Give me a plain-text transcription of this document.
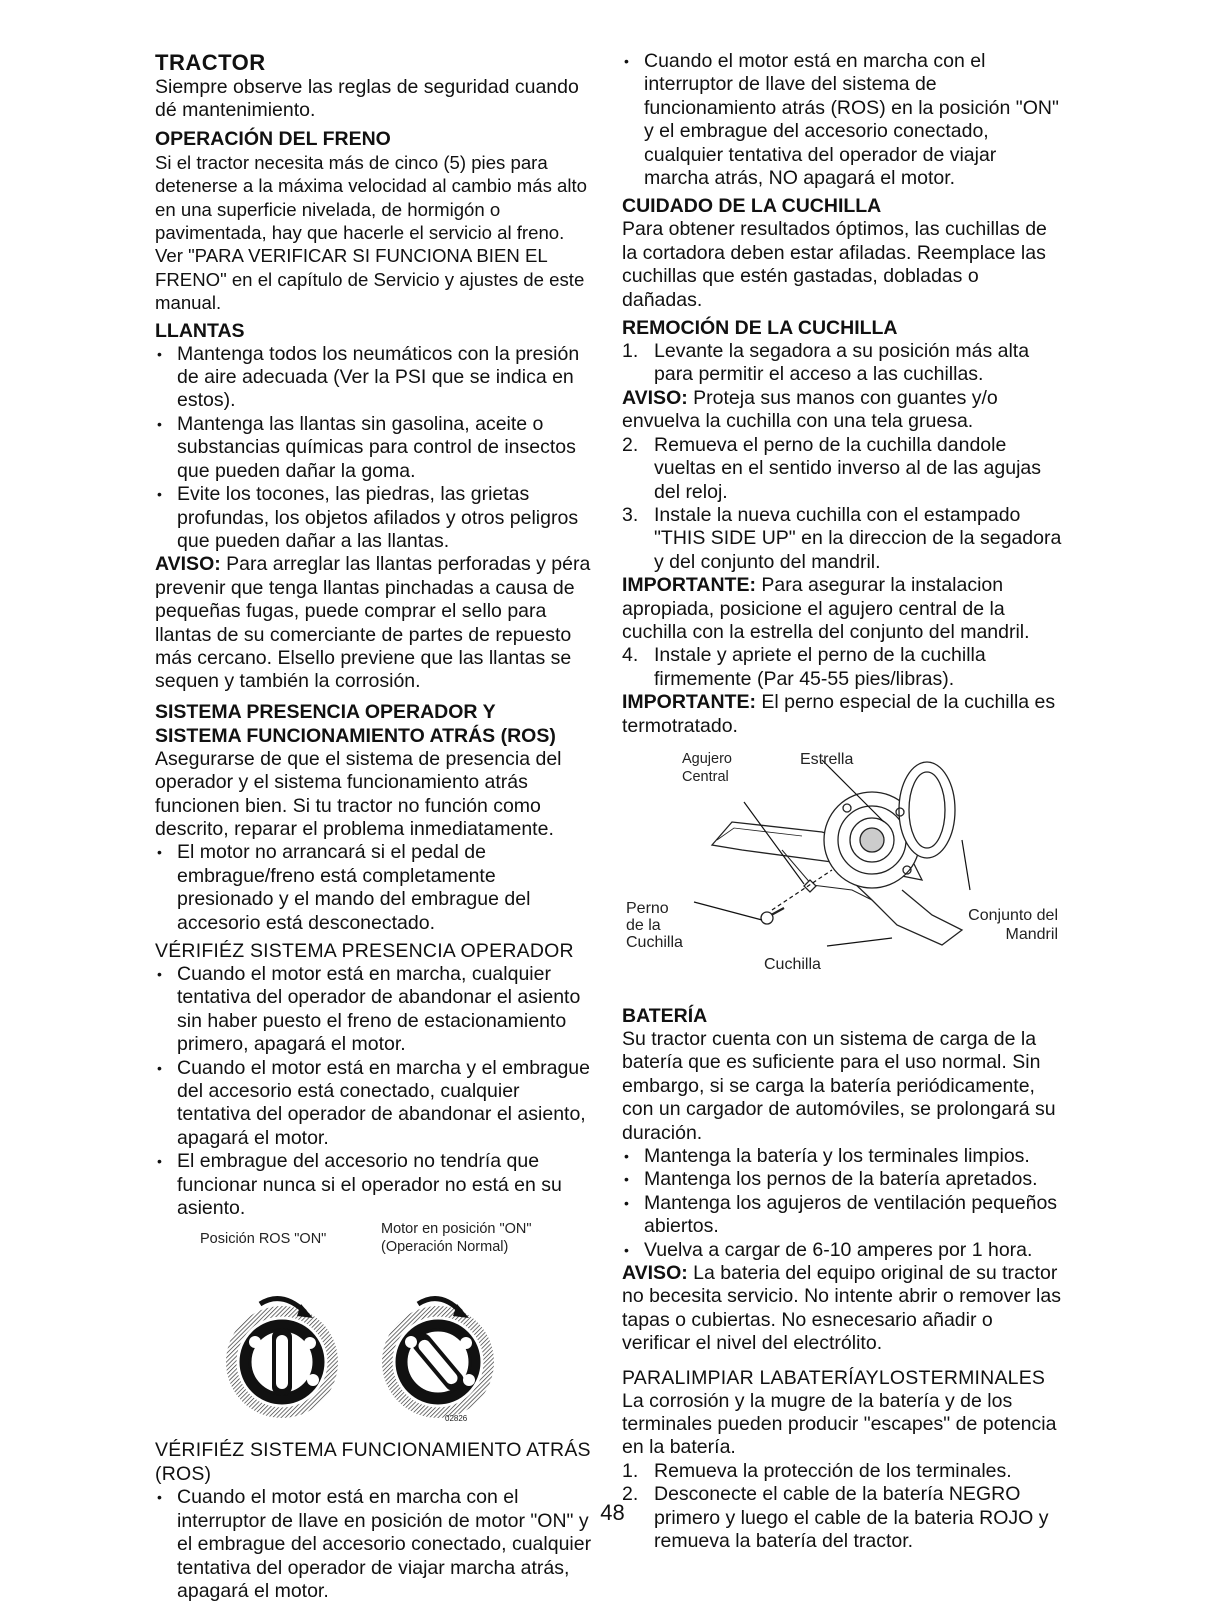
TRACTOR

Siempre observe las reglas de seguridad cuando dé mantenimiento.

OPERACIÓN DEL FRENO

Si el tractor necesita más de cinco (5) pies para detenerse a la máxima velocidad al cambio más alto en una superficie nivelada, de hormigón o pavimentada, hay que hacerle el servicio al freno. Ver "PARA VERIFICAR SI FUNCIONA BIEN EL FRENO" en el capítulo de Servicio y ajustes de este manual.

LLANTAS
• Mantenga todos los neumáticos con la presión de aire adecuada (Ver la PSI que se indica en estos).
• Mantenga las llantas sin gasolina, aceite o substancias químicas para control de insectos que pueden dañar la goma.
• Evite los tocones, las piedras, las grietas profundas, los objetos afilados y otros peligros que pueden dañar a las llantas.

AVISO: Para arreglar las llantas perforadas y péra prevenir que tenga llantas pinchadas a causa de pequeñas fugas, puede comprar el sello para llantas de su comerciante de partes de repuesto más cercano. Elsello previene que las llantas se sequen y también la corrosión.

SISTEMA PRESENCIA OPERADOR Y
SISTEMA FUNCIONAMIENTO ATRÁS (ROS)

Asegurarse de que el sistema de presencia del operador y el sistema funcionamiento atrás funcionen bien. Si tu tractor no función como descrito, reparar el problema inmediatamente.

• El motor no arrancará si el pedal de embrague/freno está completamente presionado y el mando del embrague del accesorio está desconectado.
VÉRIFIÉZ SISTEMA PRESENCIA OPERADOR
• Cuando el motor está en marcha, cualquier tentativa del operador de abandonar el asiento sin haber puesto el freno de estacionamiento primero, apagará el motor.
• Cuando el motor está en marcha y el embrague del accesorio está conectado, cualquier tentativa del operador de abandonar el asiento, apagará el motor.
• El embrague del accesorio no tendría que funcionar nunca si el operador no está en su asiento.
Posición ROS "ON"
Motor en posición "ON"
(Operación Normal)
02826
VÉRIFIÉZ SISTEMA FUNCIONAMIENTO ATRÁS (ROS)
• Cuando el motor está en marcha con el interruptor de llave en posición de motor "ON" y el embrague del accesorio conectado, cualquier tentativa del operador de viajar marcha atrás, apagará el motor.
• Cuando el motor está en marcha con el interruptor de llave del sistema de funcionamiento atrás (ROS) en la posición "ON" y el embrague del accesorio conectado, cualquier tentativa del operador de viajar marcha atrás, NO apagará el motor.
CUIDADO DE LA CUCHILLA

Para obtener resultados óptimos, las cuchillas de la cortadora deben estar afiladas. Reemplace las cuchillas que estén gastadas, dobladas o dañadas.

REMOCIÓN DE LA CUCHILLA
1. Levante la segadora a su posición más alta para permitir el acceso a las cuchillas.

AVISO: Proteja sus manos con guantes y/o envuelva la cuchilla con una tela gruesa.

2. Remueva el perno de la cuchilla dandole vueltas en el sentido inverso al de las agujas del reloj.
3. Instale la nueva cuchilla con el estampado "THIS SIDE UP" en la direccion de la segadora y del conjunto del mandril.

IMPORTANTE: Para asegurar la instalacion apropiada, posicione el agujero central de la cuchilla con la estrella del conjunto del mandril.

4. Instale y apriete el perno de la cuchilla firmemente (Par 45-55 pies/libras).

IMPORTANTE: El perno especial de la cuchilla es termotratado.

Agujero
Central
Estrella
Perno
de la
Cuchilla
Conjunto del
Mandril
Cuchilla
BATERÍA

Su tractor cuenta con un sistema de carga de la batería que es suficiente para el uso normal. Sin embargo, si se carga la batería periódicamente, con un cargador de automóviles, se prolongará su duración.

• Mantenga la batería y los terminales limpios.
• Mantenga los pernos de la batería apretados.
• Mantenga los agujeros de ventilación pequeños abiertos.
• Vuelva a cargar de 6-10 amperes por 1 hora.

AVISO: La bateria del equipo original de su tractor no becesita servicio. No intente abrir o remover las tapas o cubiertas. No esnecesario añadir o verificar el nivel del electrólito.

PARALIMPIAR LABATERÍAYLOSTERMINALES

La corrosión y la mugre de la batería y de los terminales pueden producir "escapes" de potencia en la batería.

1. Remueva la protección de los terminales.
2. Desconecte el cable de la batería NEGRO primero y luego el cable de la bateria ROJO y remueva la batería del tractor.
48
